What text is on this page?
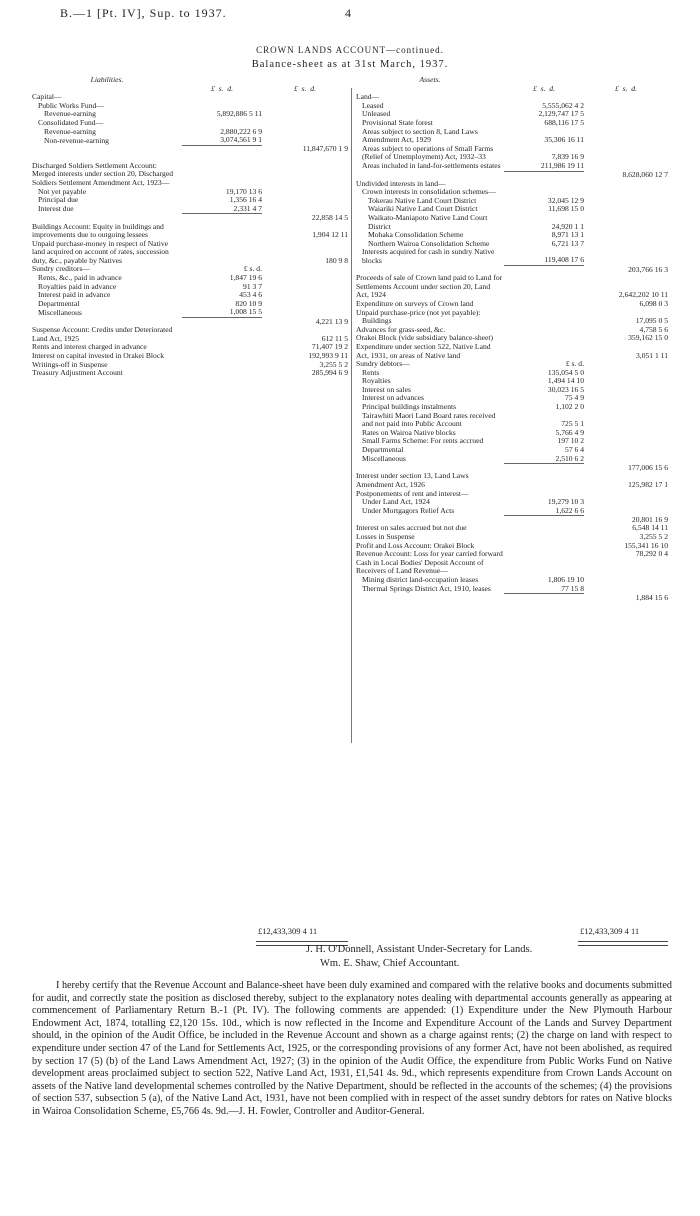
B.—1 [Pt. IV], Sup. to 1937.	4
CROWN LANDS ACCOUNT—continued.
Balance-sheet as at 31st March, 1937.
Liabilities.		
	£ s. d.	£ s. d.
Capital—		
Public Works Fund—		
Revenue-earning	5,892,886 5 11	
Consolidated Fund—		
Revenue-earning	2,880,222 6 9	
Non-revenue-earning	3,074,561 9 1	
		11,847,670 1 9

Discharged Soldiers Settlement Account: Merged interests under section 20, Discharged Soldiers Settlement Amendment Act, 1923—		
Not yet payable	19,170 13 6	
Principal due	1,356 16 4	
Interest due	2,331 4 7	
		22,858 14 5
Buildings Account: Equity in buildings and improvements due to outgoing lessees		1,904 12 11
Unpaid purchase-money in respect of Native land acquired on account of rates, succession duty, &c., payable by Natives		180 9 8
Sundry creditors—	£ s. d.	
Rents, &c., paid in advance	1,847 19 6	
Royalties paid in advance	91 3 7	
Interest paid in advance	453 4 6	
Departmental	820 10 9	
Miscellaneous	1,008 15 5	
		4,221 13 9
Suspense Account: Credits under Deteriorated Land Act, 1925		612 11 5
Rents and interest charged in advance		71,407 19 2
Interest on capital invested in Orakei Block		192,993 9 11
Writings-off in Suspense		3,255 5 2
Treasury Adjustment Account		285,994 6 9
Assets.		
	£ s. d.	£ s. d.
Land—		
Leased	5,555,062 4 2	
Unleased	2,129,747 17 5	
Provisional State forest	688,116 17 5	
Areas subject to section 8, Land Laws Amendment Act, 1929	35,306 16 11	
Areas subject to operations of Small Farms (Relief of Unemployment) Act, 1932–33	7,839 16 9	
Areas included in land-for-settlements estates	211,986 19 11	
		8,628,060 12 7
Undivided interests in land—		
Crown interests in consolidation schemes—		
Tokerau Native Land Court District	32,045 12 9	
Waiariki Native Land Court District	11,698 15 0	
Waikato-Maniapoto Native Land Court District	24,920 1 1	
Mohaka Consolidation Scheme	8,971 13 1	
Northern Wairoa Consolidation Scheme	6,721 13 7	
Interests acquired for cash in sundry Native blocks	119,408 17 6	
		203,766 16 3
Proceeds of sale of Crown land paid to Land for Settlements Account under section 20, Land Act, 1924		2,642,202 10 11
Expenditure on surveys of Crown land		6,098 0 3
Unpaid purchase-price (not yet payable):		
Buildings		17,095 0 5
Advances for grass-seed, &c.		4,758 5 6
Orakei Block (vide subsidiary balance-sheet)		359,162 15 0
Expenditure under section 522, Native Land Act, 1931, on areas of Native land		3,051 1 11
Sundry debtors—	£ s. d.	
Rents	135,054 5 0	
Royalties	1,494 14 10	
Interest on sales	30,023 16 5	
Interest on advances	75 4 9	
Principal buildings instalments	1,102 2 0	
Tairawhiti Maori Land Board rates received and not paid into Public Account	725 5 1	
Rates on Wairoa Native blocks	5,766 4 9	
Small Farms Scheme: For rents accrued	197 10 2	
Departmental	57 6 4	
Miscellaneous	2,510 6 2	
		177,006 15 6
Interest under section 13, Land Laws Amendment Act, 1926		125,982 17 1
Postponements of rent and interest—		
Under Land Act, 1924	19,279 10 3	
Under Mortgagors Relief Acts	1,622 6 6	
		20,801 16 9
Interest on sales accrued but not due		6,548 14 11
Losses in Suspense		3,255 5 2
Profit and Loss Account: Orakei Block		155,341 16 10
Revenue Account: Loss for year carried forward		78,292 0 4
Cash in Local Bodies' Deposit Account of Receivers of Land Revenue—		
Mining district land-occupation leases	1,806 19 10	
Thermal Springs District Act, 1910, leases	77 15 8	
		1,884 15 6
£12,433,309 4 11	£12,433,309 4 11
J. H. O'Donnell, Assistant Under-Secretary for Lands.
Wm. E. Shaw, Chief Accountant.
I hereby certify that the Revenue Account and Balance-sheet have been duly examined and compared with the relative books and documents submitted for audit, and correctly state the position as disclosed thereby, subject to the explanatory notes dealing with departmental accounts generally as appearing at commencement of Parliamentary Return B.-1 (Pt. IV). The following comments are appended: (1) Expenditure under the New Plymouth Harbour Endowment Act, 1874, totalling £2,120 15s. 10d., which is now reflected in the Income and Expenditure Account of the Lands and Survey Department should, in the opinion of the Audit Office, be included in the Revenue Account and shown as a charge against rents; (2) the charge on land with respect to expenditure under section 47 of the Land for Settlements Act, 1925, or the corresponding provisions of any former Act, have not been abolished, as required by section 17 (5) (b) of the Land Laws Amendment Act, 1927; (3) in the opinion of the Audit Office, the expenditure from Public Works Fund on Native development areas proclaimed subject to section 522, Native Land Act, 1931, £1,541 4s. 9d., which represents expenditure from Crown Lands Account on assets of the Native land developmental schemes controlled by the Native Department, should be reflected in the accounts of the schemes; (4) the provisions of section 537, subsection 5 (a), of the Native Land Act, 1931, have not been complied with in respect of the asset sundry debtors for rates on Native blocks in Wairoa Consolidation Scheme, £5,766 4s. 9d.—J. H. Fowler, Controller and Auditor-General.
